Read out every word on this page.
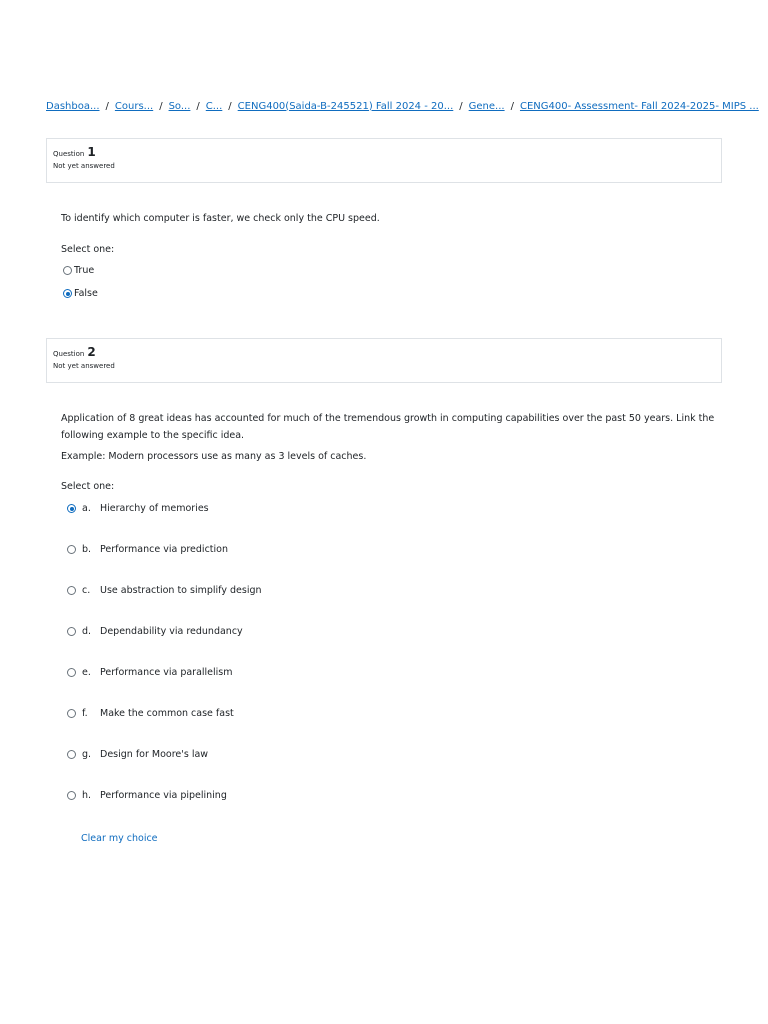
Dashboa... / Cours... / So... / C... / CENG400(Saida-B-245521) Fall 2024 - 20... / Gene... / CENG400- Assessment- Fall 2024-2025- MIPS ...
Question 1
Not yet answered
To identify which computer is faster, we check only the CPU speed.
Select one:
True
False
Question 2
Not yet answered
Application of 8 great ideas has accounted for much of the tremendous growth in computing capabilities over the past 50 years. Link the
following example to the specific idea.
Example: Modern processors use as many as 3 levels of caches.
Select one:
a. Hierarchy of memories
b. Performance via prediction
c.	Use abstraction to simplify design
d. Dependability via redundancy
e. Performance via parallelism
f.	Make the common case fast
g. Design for Moore's law
h. Performance via pipelining
Clear my choice
